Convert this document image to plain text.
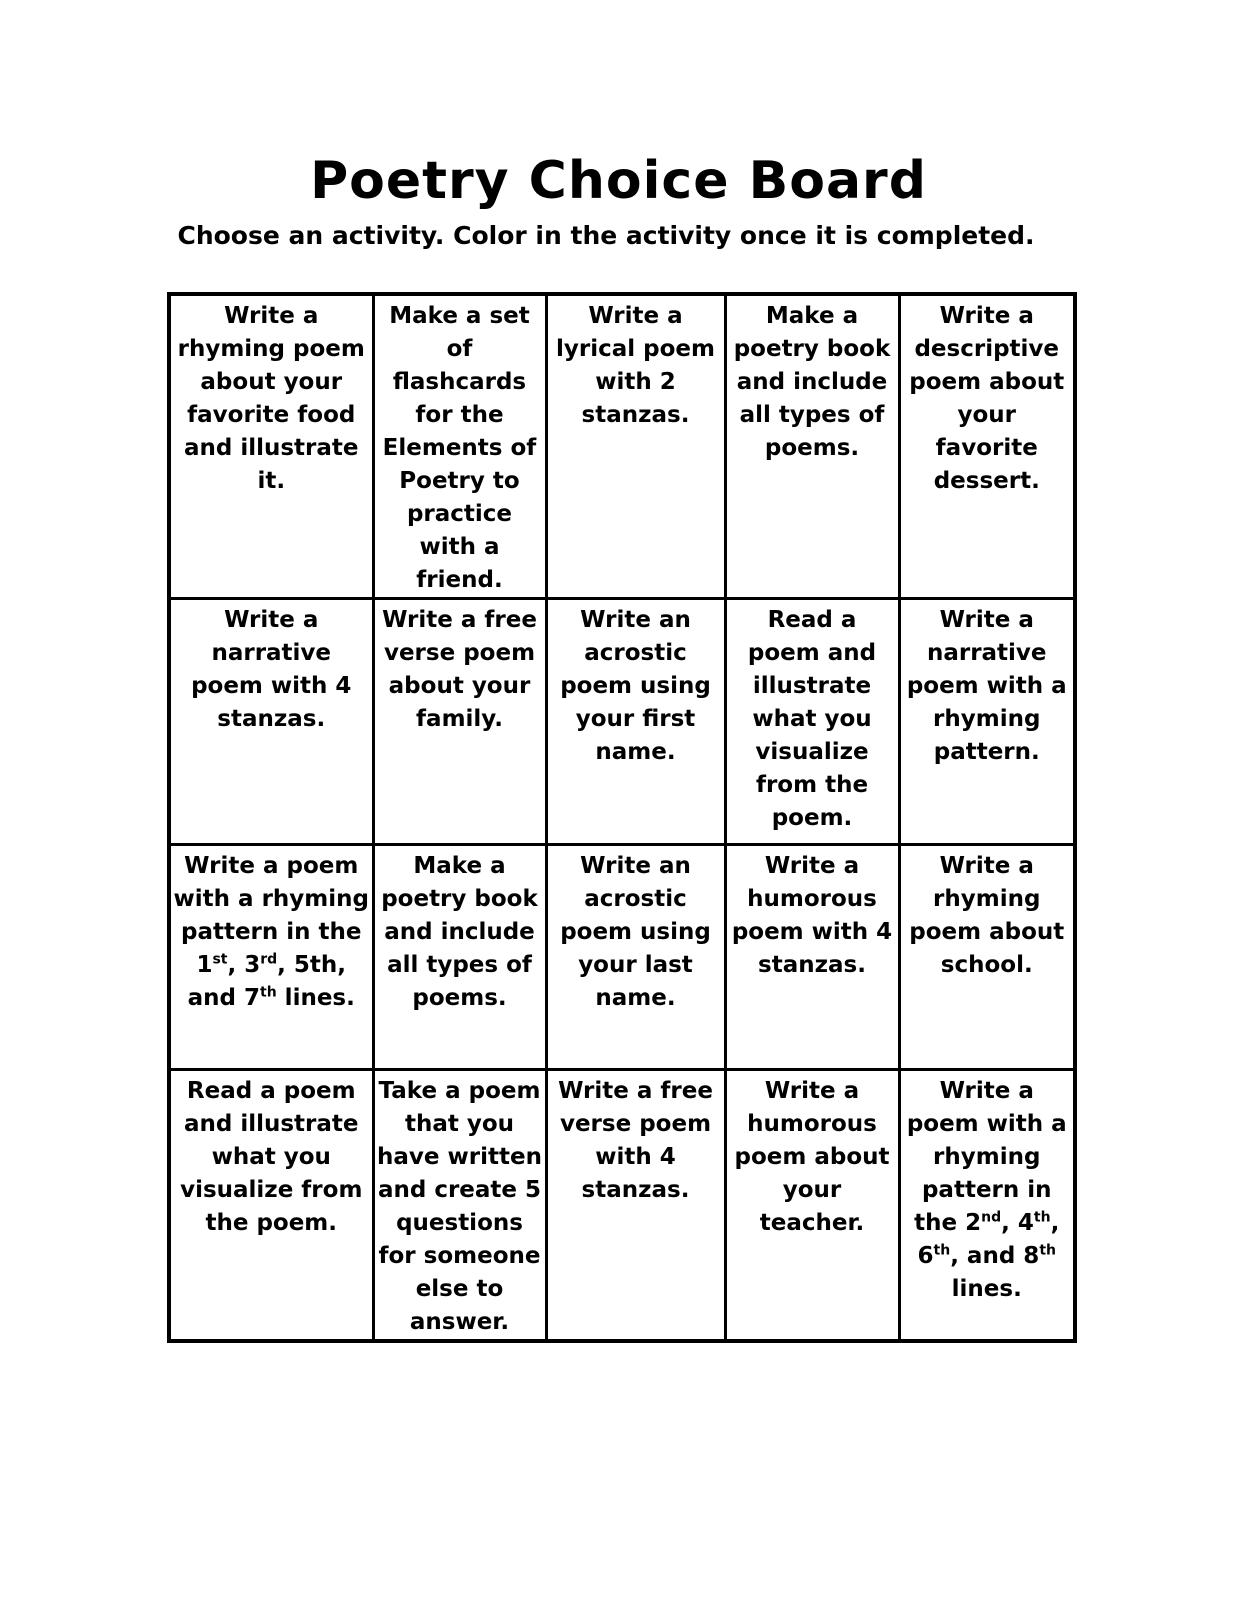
Poetry Choice Board

Choose an activity. Color in the activity once it is completed.

Write a rhyming poem about your favorite food and illustrate it.	Make a set of flashcards for the Elements of Poetry to practice with a friend.	Write a lyrical poem with 2 stanzas.	Make a poetry book and include all types of poems.	Write a descriptive poem about your favorite dessert.

Write a narrative poem with 4 stanzas.	Write a free verse poem about your family.	Write an acrostic poem using your first name.	Read a poem and illustrate what you visualize from the poem.	Write a narrative poem with a rhyming pattern.

Write a poem with a rhyming pattern in the 1st, 3rd, 5th, and 7th lines.	Make a poetry book and include all types of poems.	Write an acrostic poem using your last name.	Write a humorous poem with 4 stanzas.	Write a rhyming poem about school.

Read a poem and illustrate what you visualize from the poem.	Take a poem that you have written and create 5 questions for someone else to answer.	Write a free verse poem with 4 stanzas.	Write a humorous poem about your teacher.	Write a poem with a rhyming pattern in the 2nd, 4th, 6th, and 8th lines.
